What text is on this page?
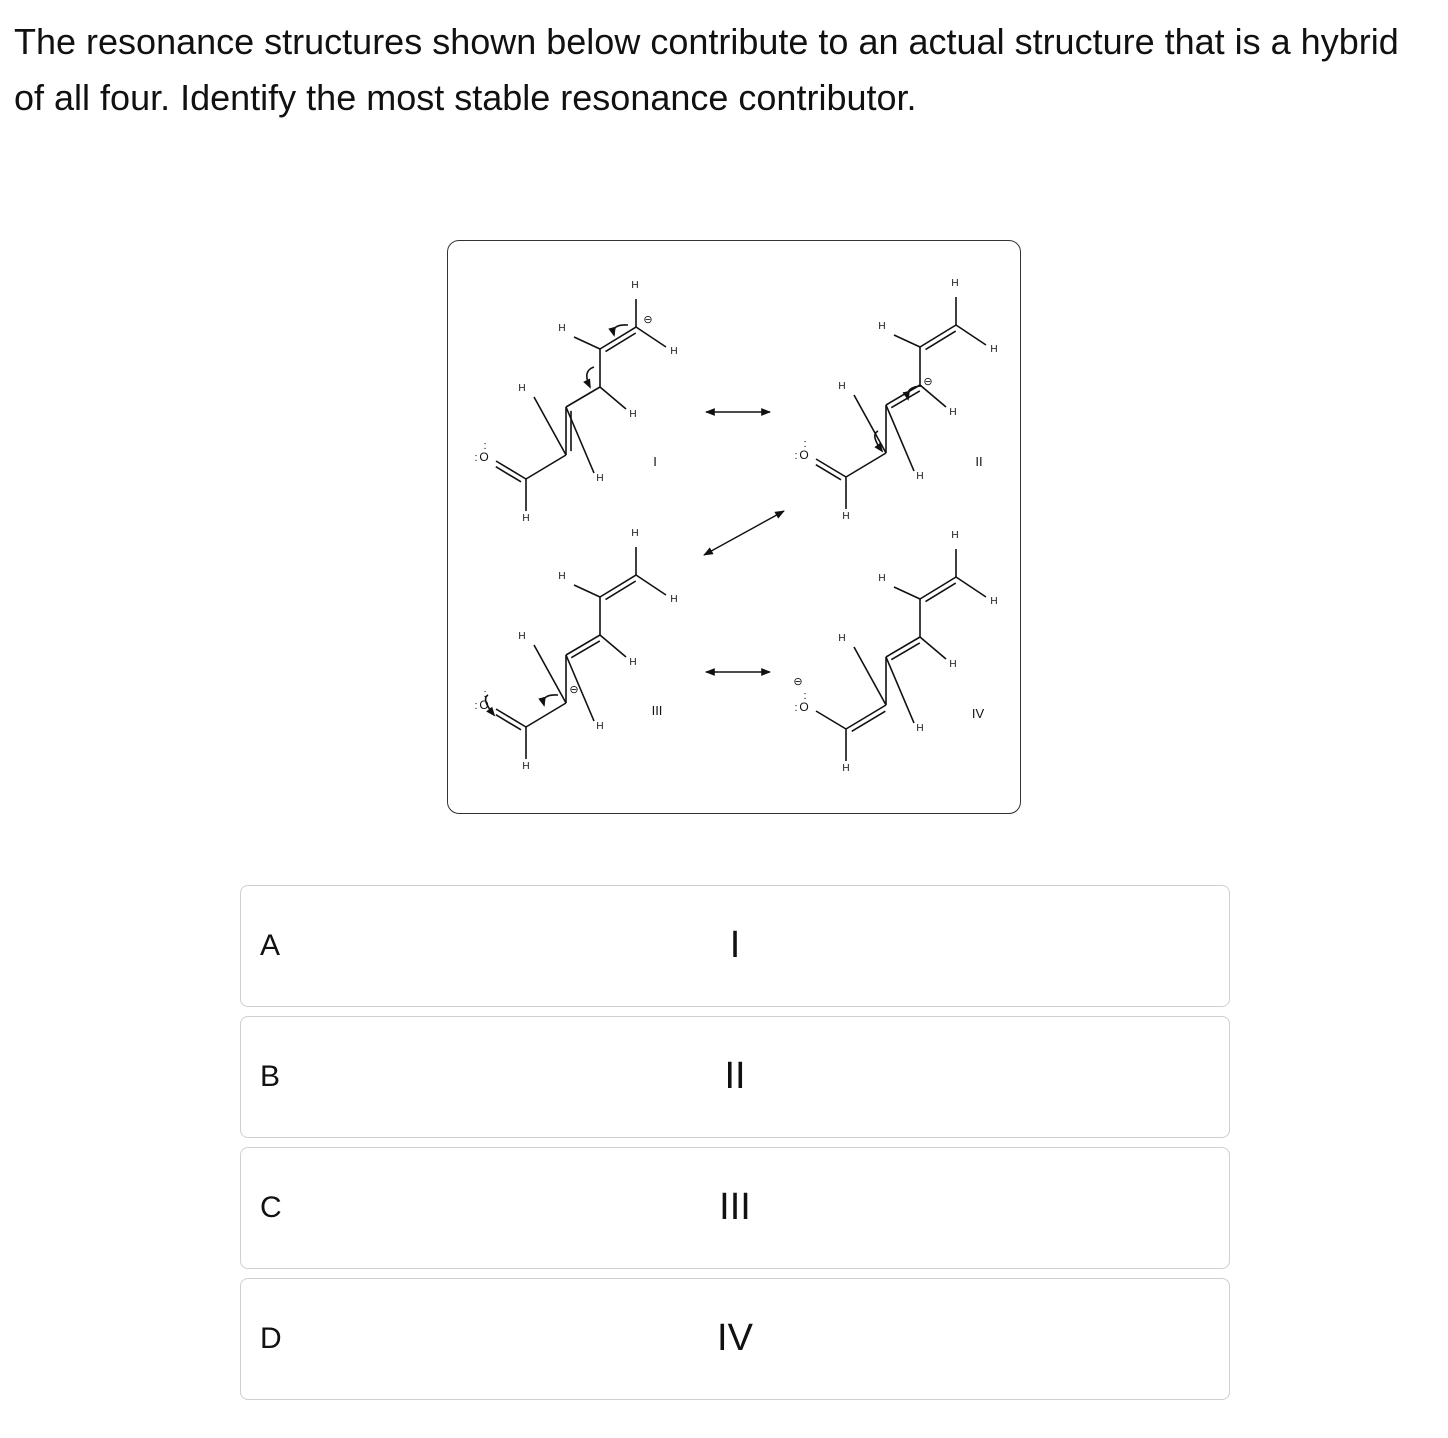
The resonance structures shown below contribute to an actual structure that is a hybrid of all four. Identify the most stable resonance contributor.

H
H
H
H
H
H
H
O
:
:
⊖
H
H
H
H
H
H
H
O
:
:
⊖
H
H
H
H
H
H
H
O
:
:	⊖
H
H
H
H
H
H
H
O
:
:
⊖
I	II
III	IV
A	I
B	II
C	III
D	IV
